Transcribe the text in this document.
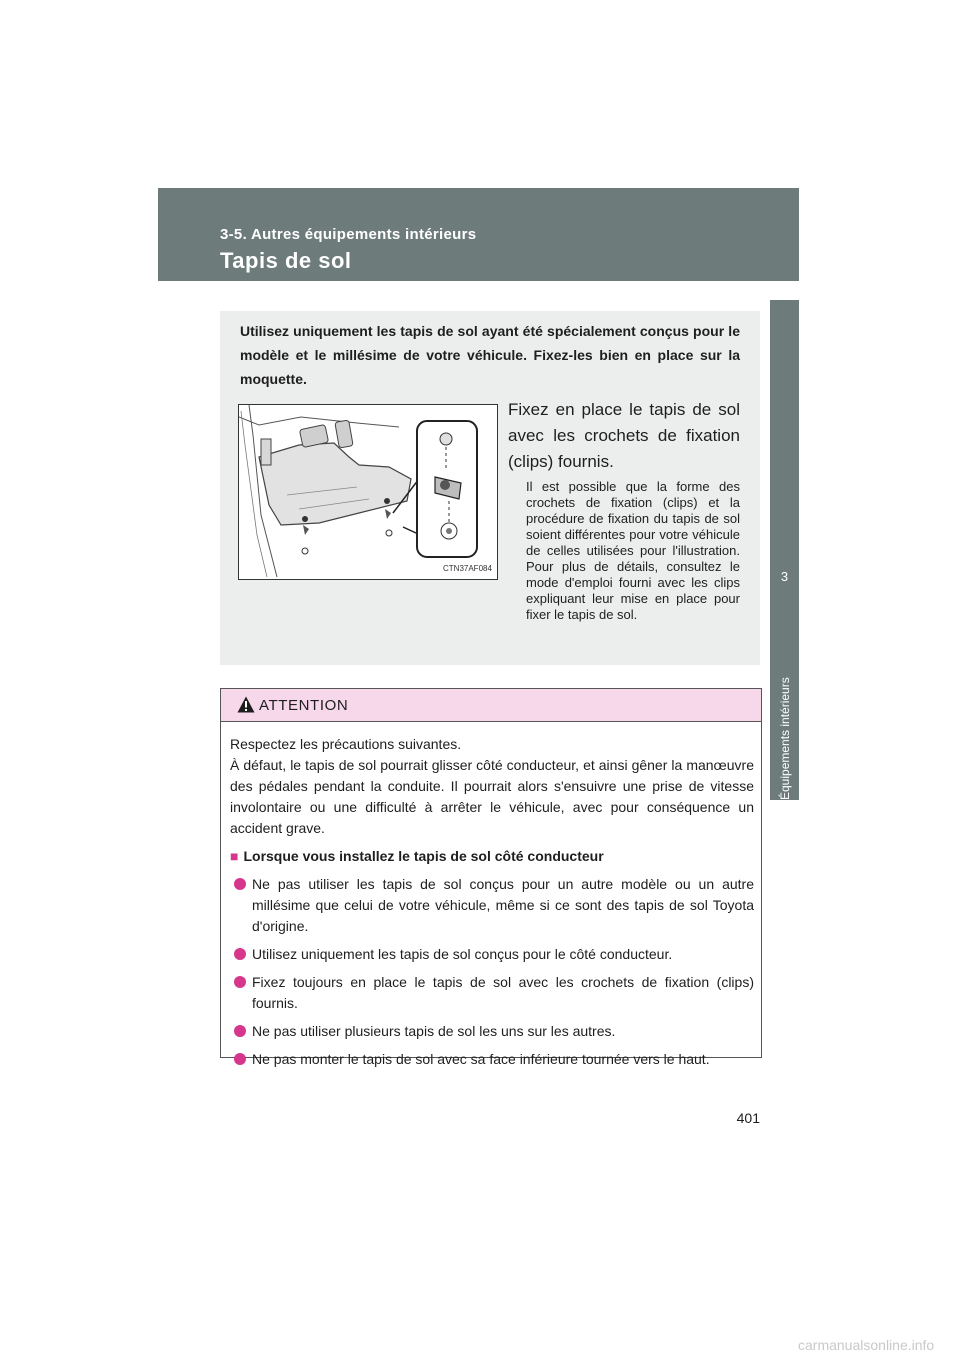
3-5. Autres équipements intérieurs
Tapis de sol
3
Équipements intérieurs
Utilisez uniquement les tapis de sol ayant été spécialement conçus pour le modèle et le millésime de votre véhicule. Fixez-les bien en place sur la moquette.
CTN37AF084
Fixez en place le tapis de sol avec les crochets de fixation (clips) fournis.
Il est possible que la forme des crochets de fixation (clips) et la procédure de fixation du tapis de sol soient différentes pour votre véhicule de celles utilisées pour l'illustration. Pour plus de détails, consultez le mode d'emploi fourni avec les clips expliquant leur mise en place pour fixer le tapis de sol.
ATTENTION

Respectez les précautions suivantes.

À défaut, le tapis de sol pourrait glisser côté conducteur, et ainsi gêner la manœuvre des pédales pendant la conduite. Il pourrait alors s'ensuivre une prise de vitesse involontaire ou une difficulté à arrêter le véhicule, avec pour conséquence un accident grave.

■ Lorsque vous installez le tapis de sol côté conducteur

Ne pas utiliser les tapis de sol conçus pour un autre modèle ou un autre millésime que celui de votre véhicule, même si ce sont des tapis de sol Toyota d'origine.
Utilisez uniquement les tapis de sol conçus pour le côté conducteur.
Fixez toujours en place le tapis de sol avec les crochets de fixation (clips) fournis.
Ne pas utiliser plusieurs tapis de sol les uns sur les autres.
Ne pas monter le tapis de sol avec sa face inférieure tournée vers le haut.
401
carmanualsonline.info
